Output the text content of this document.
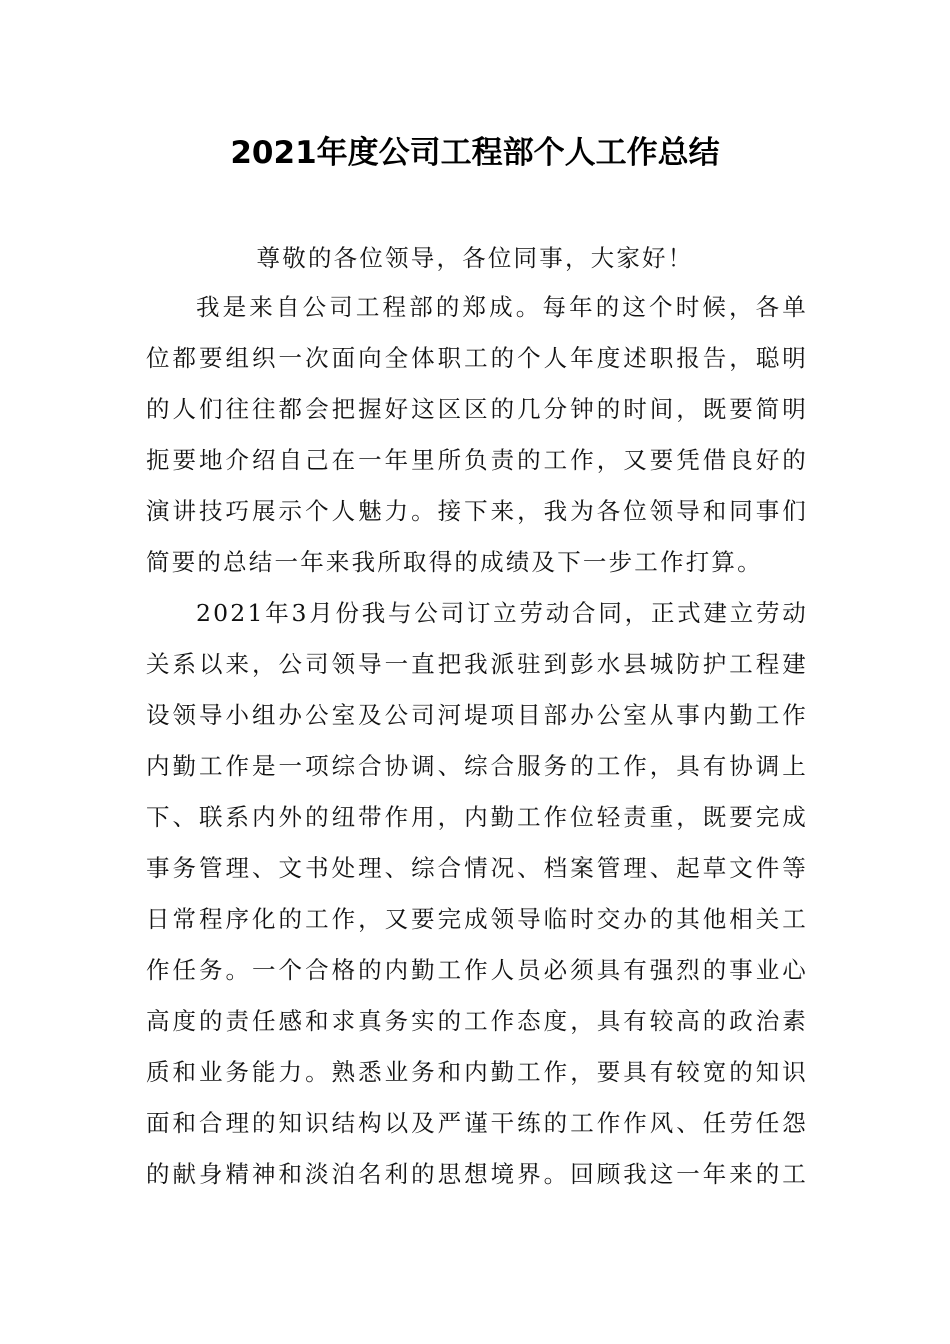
2021年度公司工程部个人工作总结
尊敬的各位领导，各位同事，大家好！
我是来自公司工程部的郑成。每年的这个时候，各单
位都要组织一次面向全体职工的个人年度述职报告，聪明
的人们往往都会把握好这区区的几分钟的时间，既要简明
扼要地介绍自己在一年里所负责的工作，又要凭借良好的
演讲技巧展示个人魅力。接下来，我为各位领导和同事们
简要的总结一年来我所取得的成绩及下一步工作打算。
2021年3月份我与公司订立劳动合同，正式建立劳动
关系以来，公司领导一直把我派驻到彭水县城防护工程建
设领导小组办公室及公司河堤项目部办公室从事内勤工作
内勤工作是一项综合协调、综合服务的工作，具有协调上
下、联系内外的纽带作用，内勤工作位轻责重，既要完成
事务管理、文书处理、综合情况、档案管理、起草文件等
日常程序化的工作，又要完成领导临时交办的其他相关工
作任务。一个合格的内勤工作人员必须具有强烈的事业心
高度的责任感和求真务实的工作态度，具有较高的政治素
质和业务能力。熟悉业务和内勤工作，要具有较宽的知识
面和合理的知识结构以及严谨干练的工作作风、任劳任怨
的献身精神和淡泊名利的思想境界。回顾我这一年来的工
